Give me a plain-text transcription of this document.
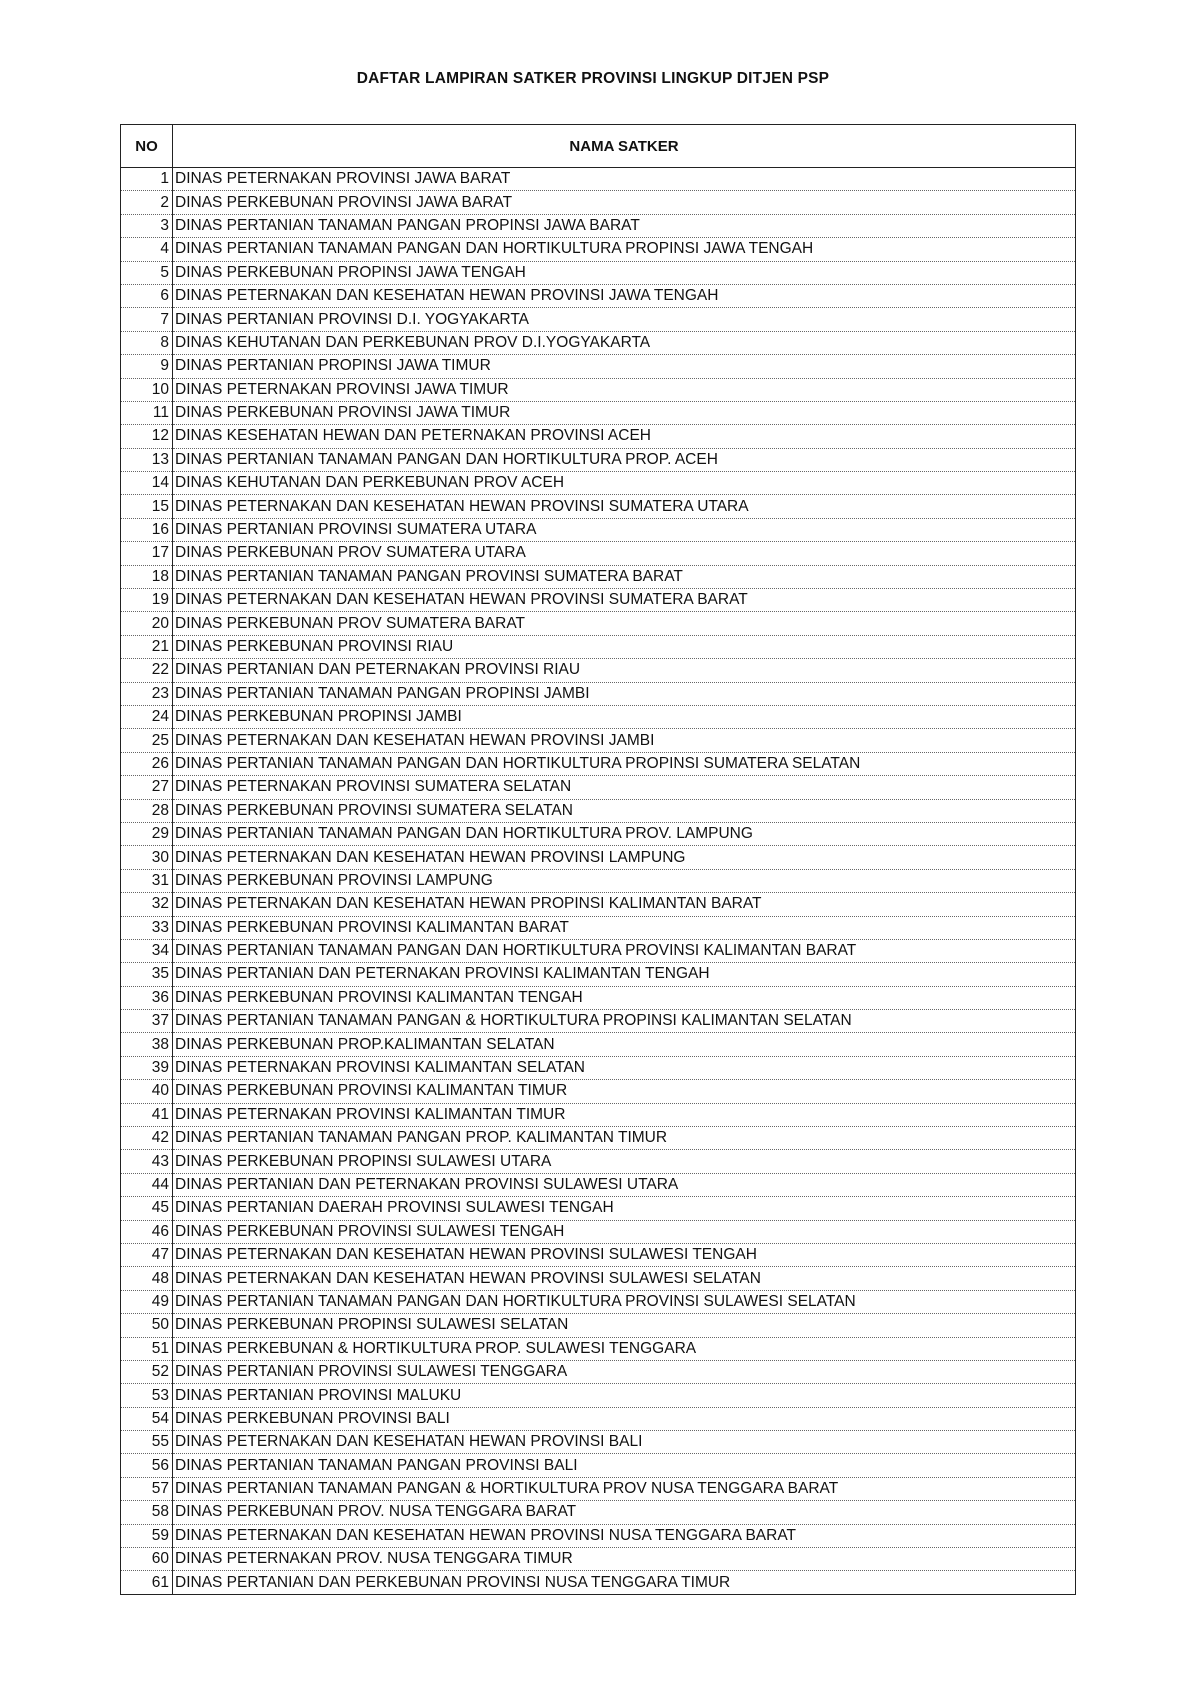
DAFTAR LAMPIRAN SATKER PROVINSI LINGKUP DITJEN PSP
NO	NAMA SATKER
1	DINAS PETERNAKAN PROVINSI JAWA BARAT
2	DINAS PERKEBUNAN PROVINSI JAWA BARAT
3	DINAS PERTANIAN TANAMAN PANGAN PROPINSI JAWA BARAT
4	DINAS PERTANIAN TANAMAN PANGAN DAN HORTIKULTURA PROPINSI JAWA TENGAH
5	DINAS PERKEBUNAN PROPINSI JAWA TENGAH
6	DINAS PETERNAKAN DAN KESEHATAN HEWAN PROVINSI JAWA TENGAH
7	DINAS PERTANIAN PROVINSI D.I. YOGYAKARTA
8	DINAS KEHUTANAN DAN PERKEBUNAN PROV D.I.YOGYAKARTA
9	DINAS PERTANIAN PROPINSI JAWA TIMUR
10	DINAS PETERNAKAN PROVINSI JAWA TIMUR
11	DINAS PERKEBUNAN PROVINSI JAWA TIMUR
12	DINAS KESEHATAN HEWAN DAN PETERNAKAN PROVINSI ACEH
13	DINAS PERTANIAN TANAMAN PANGAN DAN HORTIKULTURA PROP. ACEH
14	DINAS KEHUTANAN DAN PERKEBUNAN PROV ACEH
15	DINAS PETERNAKAN DAN KESEHATAN HEWAN PROVINSI SUMATERA UTARA
16	DINAS PERTANIAN PROVINSI SUMATERA UTARA
17	DINAS PERKEBUNAN PROV SUMATERA UTARA
18	DINAS PERTANIAN TANAMAN PANGAN PROVINSI SUMATERA BARAT
19	DINAS PETERNAKAN DAN KESEHATAN HEWAN PROVINSI SUMATERA BARAT
20	DINAS PERKEBUNAN PROV SUMATERA BARAT
21	DINAS PERKEBUNAN PROVINSI RIAU
22	DINAS PERTANIAN DAN PETERNAKAN PROVINSI RIAU
23	DINAS PERTANIAN TANAMAN PANGAN PROPINSI JAMBI
24	DINAS PERKEBUNAN PROPINSI JAMBI
25	DINAS PETERNAKAN DAN KESEHATAN HEWAN PROVINSI JAMBI
26	DINAS PERTANIAN TANAMAN PANGAN DAN HORTIKULTURA PROPINSI SUMATERA SELATAN
27	DINAS PETERNAKAN PROVINSI SUMATERA SELATAN
28	DINAS PERKEBUNAN PROVINSI SUMATERA SELATAN
29	DINAS PERTANIAN TANAMAN PANGAN DAN HORTIKULTURA PROV. LAMPUNG
30	DINAS PETERNAKAN DAN KESEHATAN HEWAN PROVINSI LAMPUNG
31	DINAS PERKEBUNAN PROVINSI LAMPUNG
32	DINAS PETERNAKAN DAN KESEHATAN HEWAN PROPINSI KALIMANTAN BARAT
33	DINAS PERKEBUNAN PROVINSI KALIMANTAN BARAT
34	DINAS PERTANIAN TANAMAN PANGAN DAN HORTIKULTURA PROVINSI KALIMANTAN BARAT
35	DINAS PERTANIAN DAN PETERNAKAN PROVINSI KALIMANTAN TENGAH
36	DINAS PERKEBUNAN PROVINSI KALIMANTAN TENGAH
37	DINAS PERTANIAN TANAMAN PANGAN & HORTIKULTURA PROPINSI KALIMANTAN SELATAN
38	DINAS PERKEBUNAN PROP.KALIMANTAN SELATAN
39	DINAS PETERNAKAN PROVINSI KALIMANTAN SELATAN
40	DINAS PERKEBUNAN PROVINSI KALIMANTAN TIMUR
41	DINAS PETERNAKAN PROVINSI KALIMANTAN TIMUR
42	DINAS PERTANIAN TANAMAN PANGAN PROP. KALIMANTAN TIMUR
43	DINAS PERKEBUNAN PROPINSI SULAWESI UTARA
44	DINAS PERTANIAN DAN PETERNAKAN PROVINSI SULAWESI UTARA
45	DINAS PERTANIAN DAERAH PROVINSI SULAWESI TENGAH
46	DINAS PERKEBUNAN PROVINSI SULAWESI TENGAH
47	DINAS PETERNAKAN DAN KESEHATAN HEWAN PROVINSI SULAWESI TENGAH
48	DINAS PETERNAKAN DAN KESEHATAN HEWAN PROVINSI SULAWESI SELATAN
49	DINAS PERTANIAN TANAMAN PANGAN DAN HORTIKULTURA PROVINSI SULAWESI SELATAN
50	DINAS PERKEBUNAN PROPINSI SULAWESI SELATAN
51	DINAS PERKEBUNAN & HORTIKULTURA PROP. SULAWESI TENGGARA
52	DINAS PERTANIAN PROVINSI SULAWESI TENGGARA
53	DINAS PERTANIAN PROVINSI MALUKU
54	DINAS PERKEBUNAN PROVINSI BALI
55	DINAS PETERNAKAN DAN KESEHATAN HEWAN PROVINSI BALI
56	DINAS PERTANIAN TANAMAN PANGAN PROVINSI BALI
57	DINAS PERTANIAN TANAMAN PANGAN & HORTIKULTURA PROV NUSA TENGGARA BARAT
58	DINAS PERKEBUNAN PROV. NUSA TENGGARA BARAT
59	DINAS PETERNAKAN DAN KESEHATAN HEWAN PROVINSI NUSA TENGGARA BARAT
60	DINAS PETERNAKAN PROV. NUSA TENGGARA TIMUR
61	DINAS PERTANIAN DAN PERKEBUNAN PROVINSI NUSA TENGGARA TIMUR
